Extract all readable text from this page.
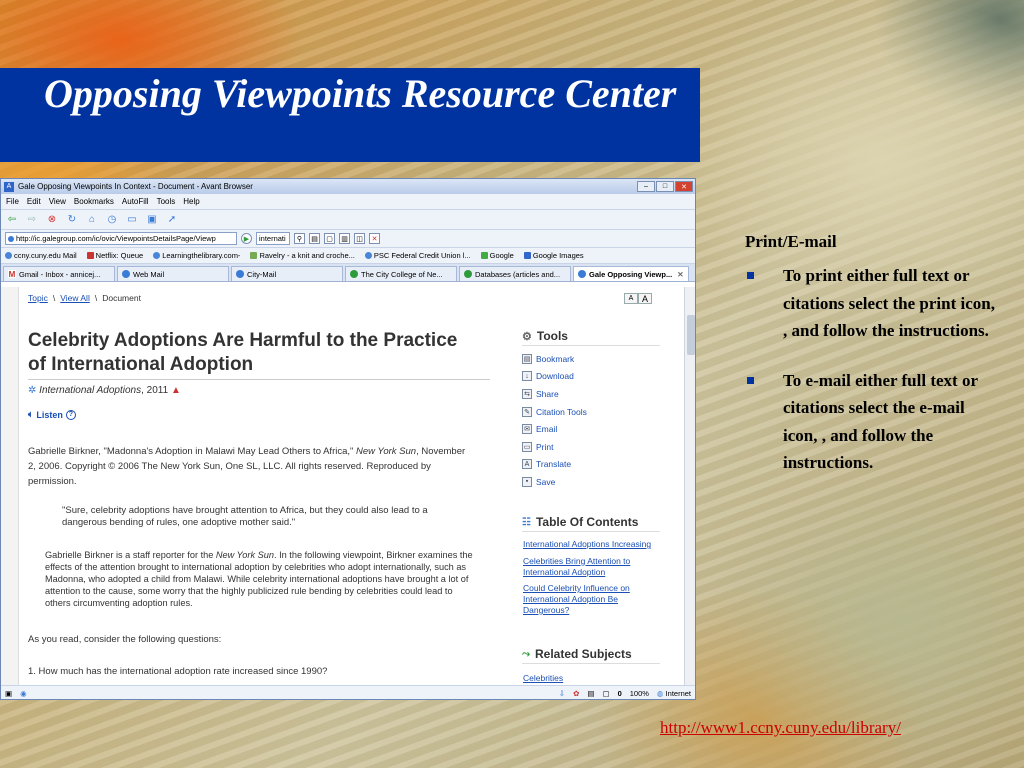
Opposing Viewpoints Resource Center
A Gale Opposing Viewpoints In Context - Document - Avant Browser	–	□	✕
File Edit View Bookmarks AutoFill Tools Help
⇦ ⇨ ⊗ ↻	⌂	◷ ▭ ▣ ➚
http://ic.galegroup.com/ic/ovic/ViewpointsDetailsPage/Viewp	▶	internati	⚲	▤	▢	▥	◫	✕
ccny.cuny.edu Mail	Netflix: Queue	Learningthelibrary.com-	Ravelry - a knit and croche...	PSC Federal Credit Union l...	Google	Google Images
M Gmail - Inbox - annicej...	Web Mail	City-Mail	The City College of Ne...	Databases (articles and...	Gale Opposing Viewp... ✕
Topic \ View All \ Document	A A
Celebrity Adoptions Are Harmful to the Practice of International Adoption
✲ International Adoptions, 2011 ▲
🔈︎ Listen ?
Gabrielle Birkner, "Madonna's Adoption in Malawi May Lead Others to Africa," New York Sun, November 2, 2006. Copyright © 2006 The New York Sun, One SL, LLC. All rights reserved. Reproduced by permission.
"Sure, celebrity adoptions have brought attention to Africa, but they could also lead to a dangerous bending of rules, one adoptive mother said."
Gabrielle Birkner is a staff reporter for the New York Sun. In the following viewpoint, Birkner examines the effects of the attention brought to international adoption by celebrities who adopt internationally, such as Madonna, who adopted a child from Malawi. While celebrity international adoptions have brought a lot of attention to the cause, some worry that the highly publicized rule bending by celebrities could lead to others circumventing adoption rules.
As you read, consider the following questions:
1. How much has the international adoption rate increased since 1990?
⚙ Tools
▤ Bookmark
↓ Download
⇆ Share
✎ Citation Tools
✉ Email
▭ Print
A Translate
▪ Save
☷ Table Of Contents
International Adoptions Increasing
Celebrities Bring Attention to International Adoption
Could Celebrity Influence on International Adoption Be Dangerous?
⤳ Related Subjects
Celebrities
▣ ◉	⇩ ✿ ▤ ▢ 0 100% ◍ Internet
Print/E-mail
To print either full text or citations select the print icon, , and follow the instructions.
To e-mail either full text or citations select the e-mail icon, , and follow the instructions.
http://www1.ccny.cuny.edu/library/
